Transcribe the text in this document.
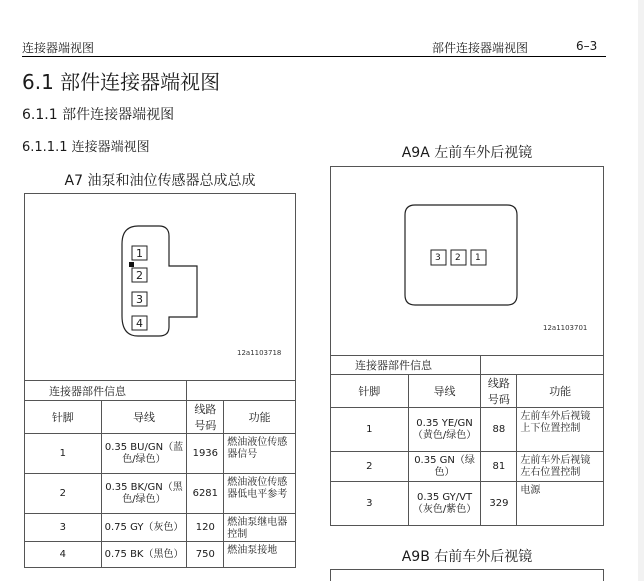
连接器端视图	部件连接器端视图	6–3
6.1 部件连接器端视图
6.1.1 部件连接器端视图
6.1.1.1 连接器端视图
A7 油泵和油位传感器总成总成
1
2
3
4
12a1103718
连接器部件信息			
针脚	导线	线路号码	功能
1	0.35 BU/GN（蓝色/绿色）	1936	燃油液位传感器信号
2	0.35 BK/GN（黑色/绿色）	6281	燃油液位传感器低电平参考
3	0.75 GY（灰色）	120	燃油泵继电器控制
4	0.75 BK（黑色）	750	燃油泵接地
A9A 左前车外后视镜
3 2 1
12a1103701
连接器部件信息			
针脚	导线	线路号码	功能
1	0.35 YE/GN（黄色/绿色）	88	左前车外后视镜上下位置控制
2	0.35 GN（绿色）	81	左前车外后视镜左右位置控制
3	0.35 GY/VT（灰色/紫色）	329	电源
A9B 右前车外后视镜
